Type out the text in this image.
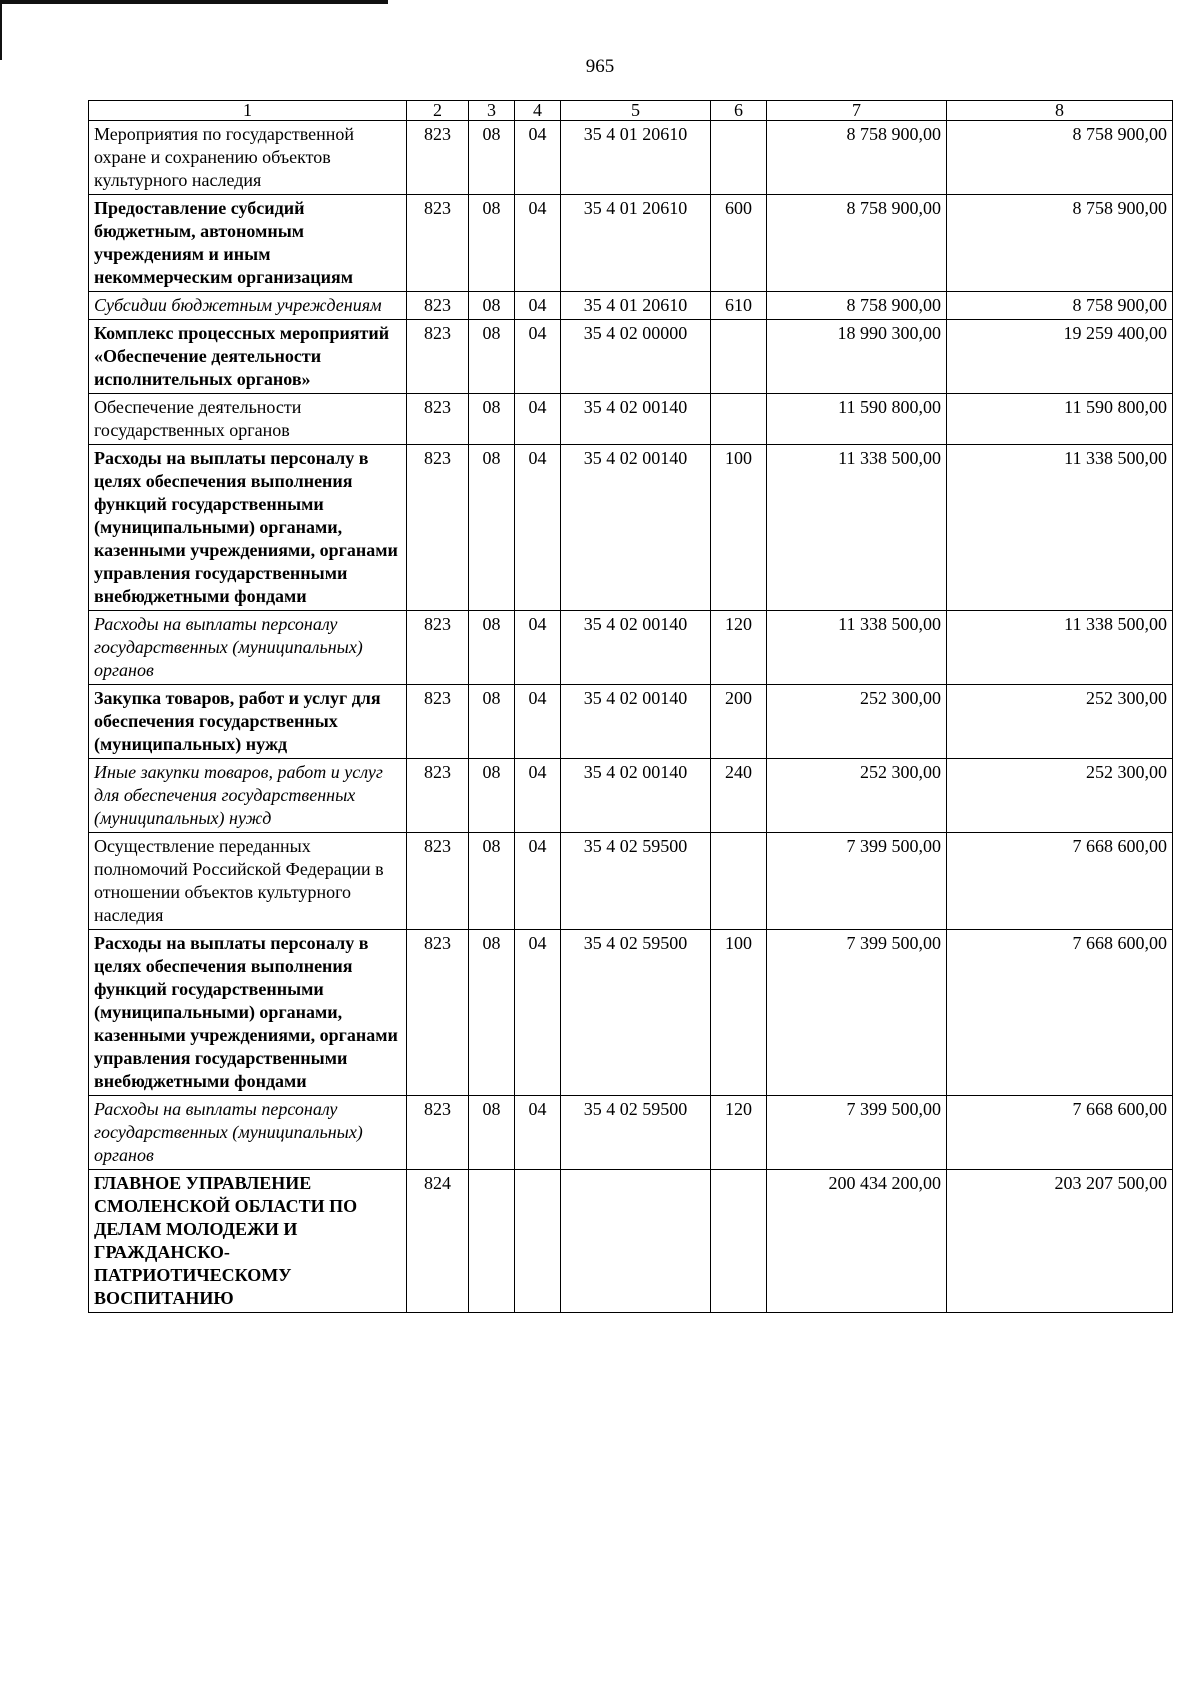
965
1	2	3	4	5	6	7	8
Мероприятия по государственной охране и сохранению объектов культурного наследия	823	08	04	35 4 01 20610		8 758 900,00	8 758 900,00
Предоставление субсидий бюджетным, автономным учреждениям и иным некоммерческим организациям	823	08	04	35 4 01 20610	600	8 758 900,00	8 758 900,00
Субсидии бюджетным учреждениям	823	08	04	35 4 01 20610	610	8 758 900,00	8 758 900,00
Комплекс процессных мероприятий «Обеспечение деятельности исполнительных органов»	823	08	04	35 4 02 00000		18 990 300,00	19 259 400,00
Обеспечение деятельности государственных органов	823	08	04	35 4 02 00140		11 590 800,00	11 590 800,00
Расходы на выплаты персоналу в целях обеспечения выполнения функций государственными (муниципальными) органами, казенными учреждениями, органами управления государственными внебюджетными фондами	823	08	04	35 4 02 00140	100	11 338 500,00	11 338 500,00
Расходы на выплаты персоналу государственных (муниципальных) органов	823	08	04	35 4 02 00140	120	11 338 500,00	11 338 500,00
Закупка товаров, работ и услуг для обеспечения государственных (муниципальных) нужд	823	08	04	35 4 02 00140	200	252 300,00	252 300,00
Иные закупки товаров, работ и услуг для обеспечения государственных (муниципальных) нужд	823	08	04	35 4 02 00140	240	252 300,00	252 300,00
Осуществление переданных полномочий Российской Федерации в отношении объектов культурного наследия	823	08	04	35 4 02 59500		7 399 500,00	7 668 600,00
Расходы на выплаты персоналу в целях обеспечения выполнения функций государственными (муниципальными) органами, казенными учреждениями, органами управления государственными внебюджетными фондами	823	08	04	35 4 02 59500	100	7 399 500,00	7 668 600,00
Расходы на выплаты персоналу государственных (муниципальных) органов	823	08	04	35 4 02 59500	120	7 399 500,00	7 668 600,00
ГЛАВНОЕ УПРАВЛЕНИЕ СМОЛЕНСКОЙ ОБЛАСТИ ПО ДЕЛАМ МОЛОДЕЖИ И ГРАЖДАНСКО-ПАТРИОТИЧЕСКОМУ ВОСПИТАНИЮ	824					200 434 200,00	203 207 500,00
